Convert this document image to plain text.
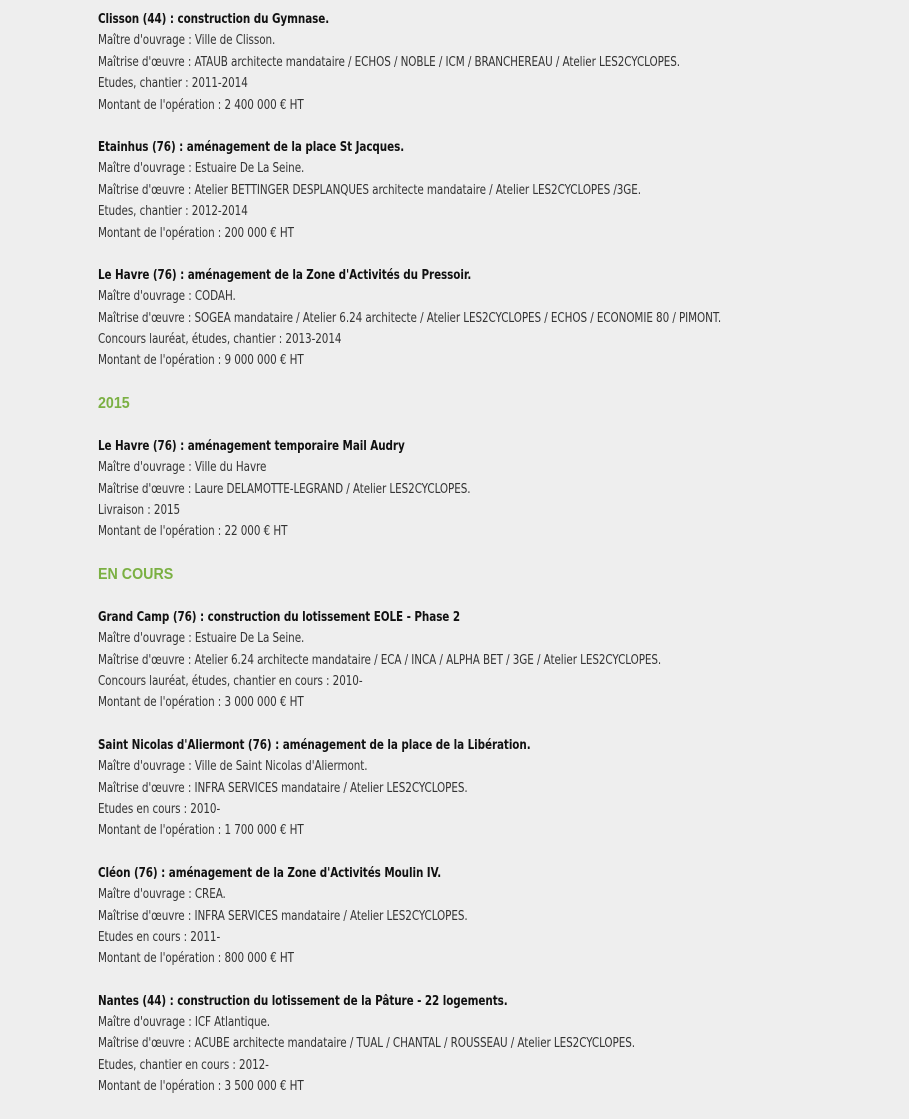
Clisson (44) : construction du Gymnase.
Maître d'ouvrage : Ville de Clisson.
Maîtrise d'œuvre : ATAUB architecte mandataire / ECHOS / NOBLE / ICM / BRANCHEREAU / Atelier LES2CYCLOPES.
Etudes, chantier : 2011-2014
Montant de l'opération : 2 400 000 € HT
Etainhus (76) : aménagement de la place St Jacques.
Maître d'ouvrage : Estuaire De La Seine.
Maîtrise d'œuvre : Atelier BETTINGER DESPLANQUES architecte mandataire / Atelier LES2CYCLOPES /3GE.
Etudes, chantier : 2012-2014
Montant de l'opération : 200 000 € HT
Le Havre (76) : aménagement de la Zone d'Activités du Pressoir.
Maître d'ouvrage : CODAH.
Maîtrise d'œuvre : SOGEA mandataire / Atelier 6.24 architecte / Atelier LES2CYCLOPES / ECHOS / ECONOMIE 80 / PIMONT.
Concours lauréat, études, chantier : 2013-2014
Montant de l'opération : 9 000 000 € HT
2015
Le Havre (76) : aménagement temporaire Mail Audry
Maître d'ouvrage : Ville du Havre
Maîtrise d'œuvre : Laure DELAMOTTE-LEGRAND / Atelier LES2CYCLOPES.
Livraison : 2015
Montant de l'opération : 22 000 € HT
EN COURS
Grand Camp (76) : construction du lotissement EOLE - Phase 2
Maître d'ouvrage : Estuaire De La Seine.
Maîtrise d'œuvre : Atelier 6.24 architecte mandataire / ECA / INCA / ALPHA BET / 3GE / Atelier LES2CYCLOPES.
Concours lauréat, études, chantier en cours : 2010-
Montant de l'opération : 3 000 000 € HT
Saint Nicolas d'Aliermont (76) : aménagement de la place de la Libération.
Maître d'ouvrage : Ville de Saint Nicolas d'Aliermont.
Maîtrise d'œuvre : INFRA SERVICES mandataire / Atelier LES2CYCLOPES.
Etudes en cours : 2010-
Montant de l'opération : 1 700 000 € HT
Cléon (76) : aménagement de la Zone d'Activités Moulin IV.
Maître d'ouvrage : CREA.
Maîtrise d'œuvre : INFRA SERVICES mandataire / Atelier LES2CYCLOPES.
Etudes en cours : 2011-
Montant de l'opération : 800 000 € HT
Nantes (44) : construction du lotissement de la Pâture - 22 logements.
Maître d'ouvrage : ICF Atlantique.
Maîtrise d'œuvre : ACUBE architecte mandataire / TUAL / CHANTAL / ROUSSEAU / Atelier LES2CYCLOPES.
Etudes, chantier en cours : 2012-
Montant de l'opération : 3 500 000 € HT
